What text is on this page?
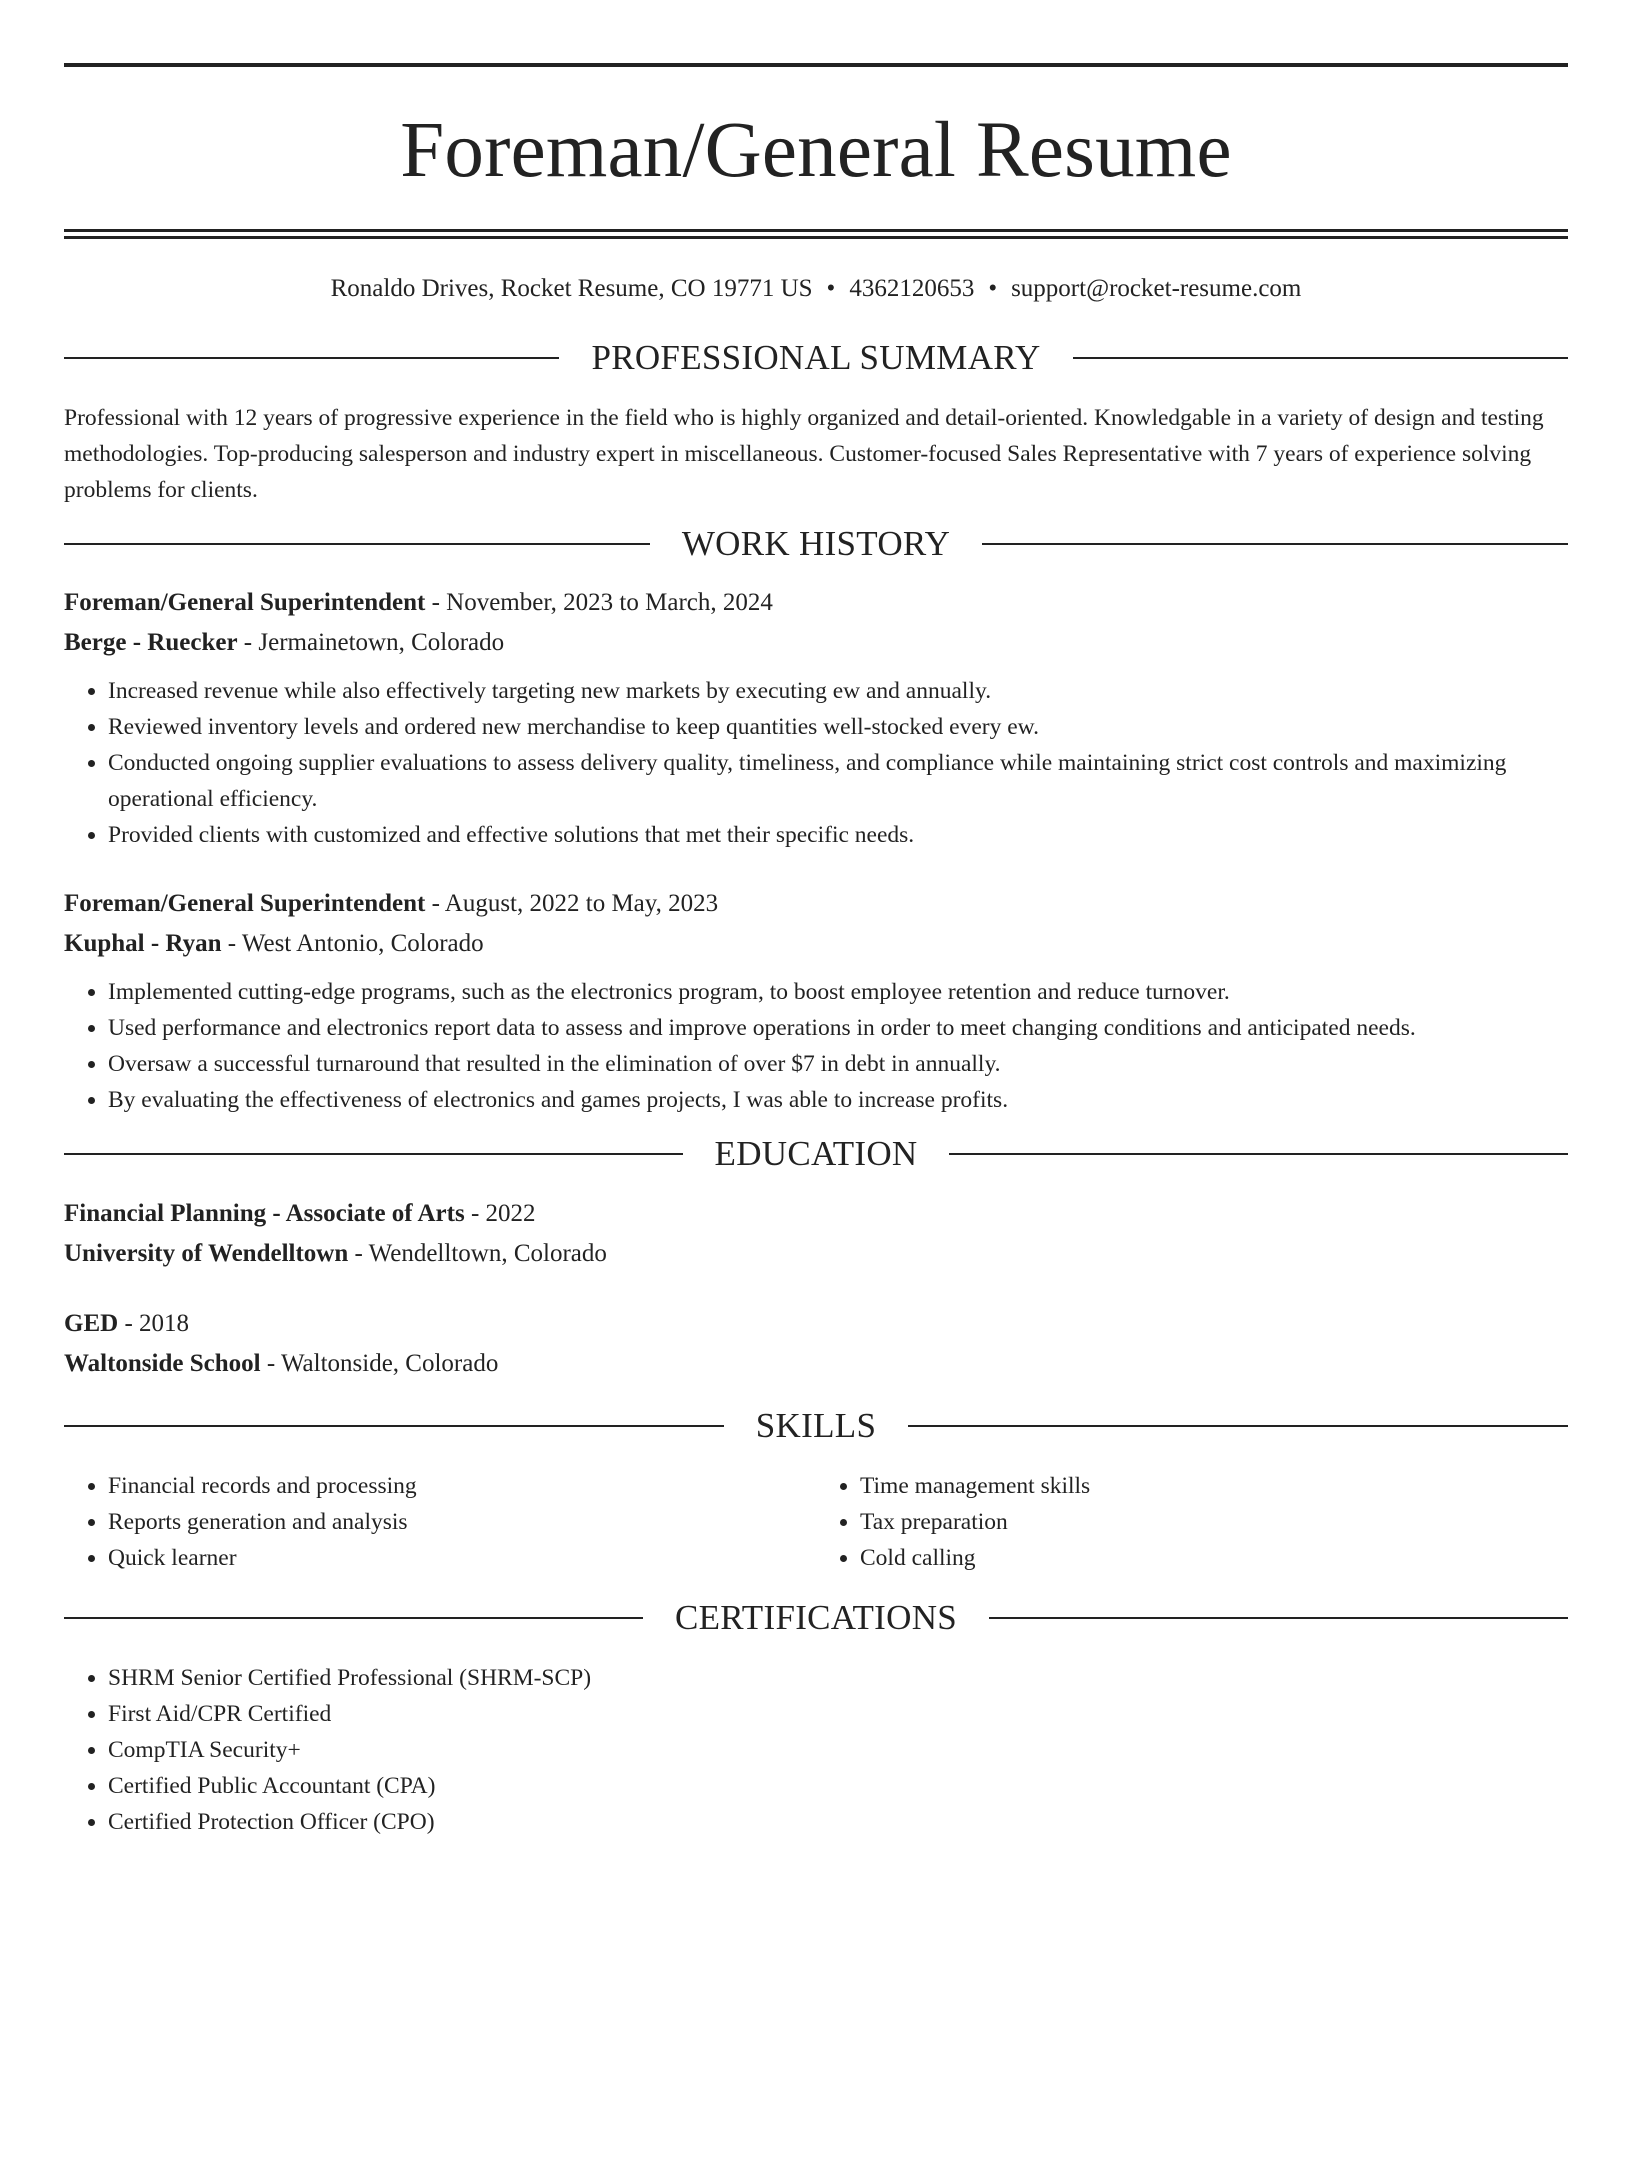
Foreman/General Resume
Ronaldo Drives, Rocket Resume, CO 19771 US • 4362120653 • support@rocket-resume.com
PROFESSIONAL SUMMARY

Professional with 12 years of progressive experience in the field who is highly organized and detail-oriented. Knowledgable in a variety of design and testing methodologies. Top-producing salesperson and industry expert in miscellaneous. Customer-focused Sales Representative with 7 years of experience solving problems for clients.

WORK HISTORY
Foreman/General Superintendent - November, 2023 to March, 2024
Berge - Ruecker - Jermainetown, Colorado
• Increased revenue while also effectively targeting new markets by executing ew and annually.
• Reviewed inventory levels and ordered new merchandise to keep quantities well-stocked every ew.
• Conducted ongoing supplier evaluations to assess delivery quality, timeliness, and compliance while maintaining strict cost controls and maximizing operational efficiency.
• Provided clients with customized and effective solutions that met their specific needs.
Foreman/General Superintendent - August, 2022 to May, 2023
Kuphal - Ryan - West Antonio, Colorado
• Implemented cutting-edge programs, such as the electronics program, to boost employee retention and reduce turnover.
• Used performance and electronics report data to assess and improve operations in order to meet changing conditions and anticipated needs.
• Oversaw a successful turnaround that resulted in the elimination of over $7 in debt in annually.
• By evaluating the effectiveness of electronics and games projects, I was able to increase profits.
EDUCATION
Financial Planning - Associate of Arts - 2022
University of Wendelltown - Wendelltown, Colorado
GED - 2018
Waltonside School - Waltonside, Colorado
SKILLS
• Financial records and processing
• Reports generation and analysis
• Quick learner
• Time management skills
• Tax preparation
• Cold calling
CERTIFICATIONS
• SHRM Senior Certified Professional (SHRM-SCP)
• First Aid/CPR Certified
• CompTIA Security+
• Certified Public Accountant (CPA)
• Certified Protection Officer (CPO)
